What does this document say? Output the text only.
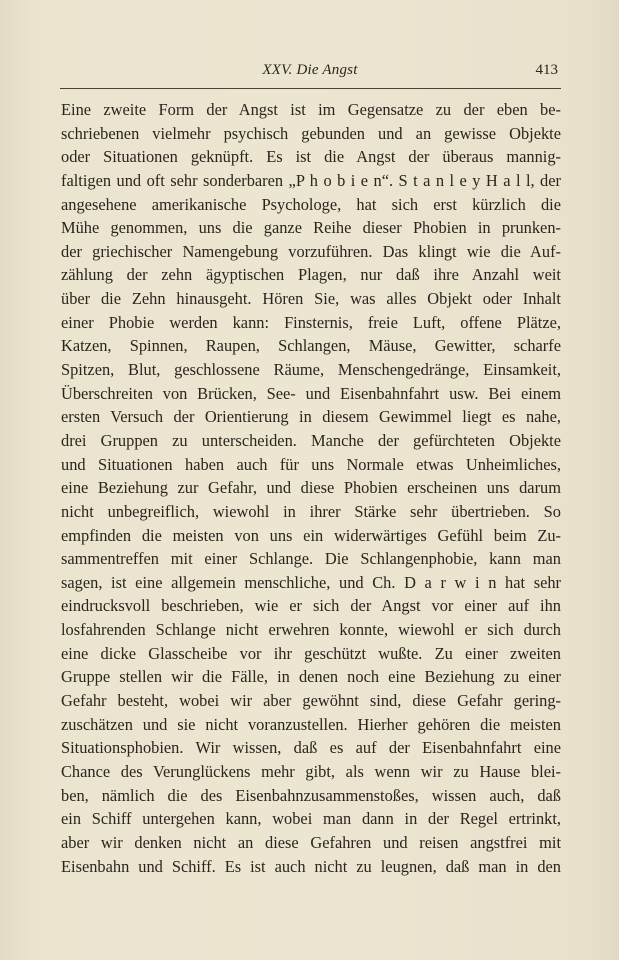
XXV. Die Angst	413
Eine zweite Form der Angst ist im Gegensatze zu der eben be-
schriebenen vielmehr psychisch gebunden und an gewisse Objekte
oder Situationen geknüpft. Es ist die Angst der überaus mannig-
faltigen und oft sehr sonderbaren „P h o b i e n“. S t a n l e y H a l l, der
angesehene amerikanische Psychologe, hat sich erst kürzlich die
Mühe genommen, uns die ganze Reihe dieser Phobien in prunken-
der griechischer Namengebung vorzuführen. Das klingt wie die Auf-
zählung der zehn ägyptischen Plagen, nur daß ihre Anzahl weit
über die Zehn hinausgeht. Hören Sie, was alles Objekt oder Inhalt
einer Phobie werden kann: Finsternis, freie Luft, offene Plätze,
Katzen, Spinnen, Raupen, Schlangen, Mäuse, Gewitter, scharfe
Spitzen, Blut, geschlossene Räume, Menschengedränge, Einsamkeit,
Überschreiten von Brücken, See- und Eisenbahnfahrt usw. Bei einem
ersten Versuch der Orientierung in diesem Gewimmel liegt es nahe,
drei Gruppen zu unterscheiden. Manche der gefürchteten Objekte
und Situationen haben auch für uns Normale etwas Unheimliches,
eine Beziehung zur Gefahr, und diese Phobien erscheinen uns darum
nicht unbegreiflich, wiewohl in ihrer Stärke sehr übertrieben. So
empfinden die meisten von uns ein widerwärtiges Gefühl beim Zu-
sammentreffen mit einer Schlange. Die Schlangenphobie, kann man
sagen, ist eine allgemein menschliche, und Ch. D a r w i n hat sehr
eindrucksvoll beschrieben, wie er sich der Angst vor einer auf ihn
losfahrenden Schlange nicht erwehren konnte, wiewohl er sich durch
eine dicke Glasscheibe vor ihr geschützt wußte. Zu einer zweiten
Gruppe stellen wir die Fälle, in denen noch eine Beziehung zu einer
Gefahr besteht, wobei wir aber gewöhnt sind, diese Gefahr gering-
zuschätzen und sie nicht voranzustellen. Hierher gehören die meisten
Situationsphobien. Wir wissen, daß es auf der Eisenbahnfahrt eine
Chance des Verunglückens mehr gibt, als wenn wir zu Hause blei-
ben, nämlich die des Eisenbahnzusammenstoßes, wissen auch, daß
ein Schiff untergehen kann, wobei man dann in der Regel ertrinkt,
aber wir denken nicht an diese Gefahren und reisen angstfrei mit
Eisenbahn und Schiff. Es ist auch nicht zu leugnen, daß man in den
